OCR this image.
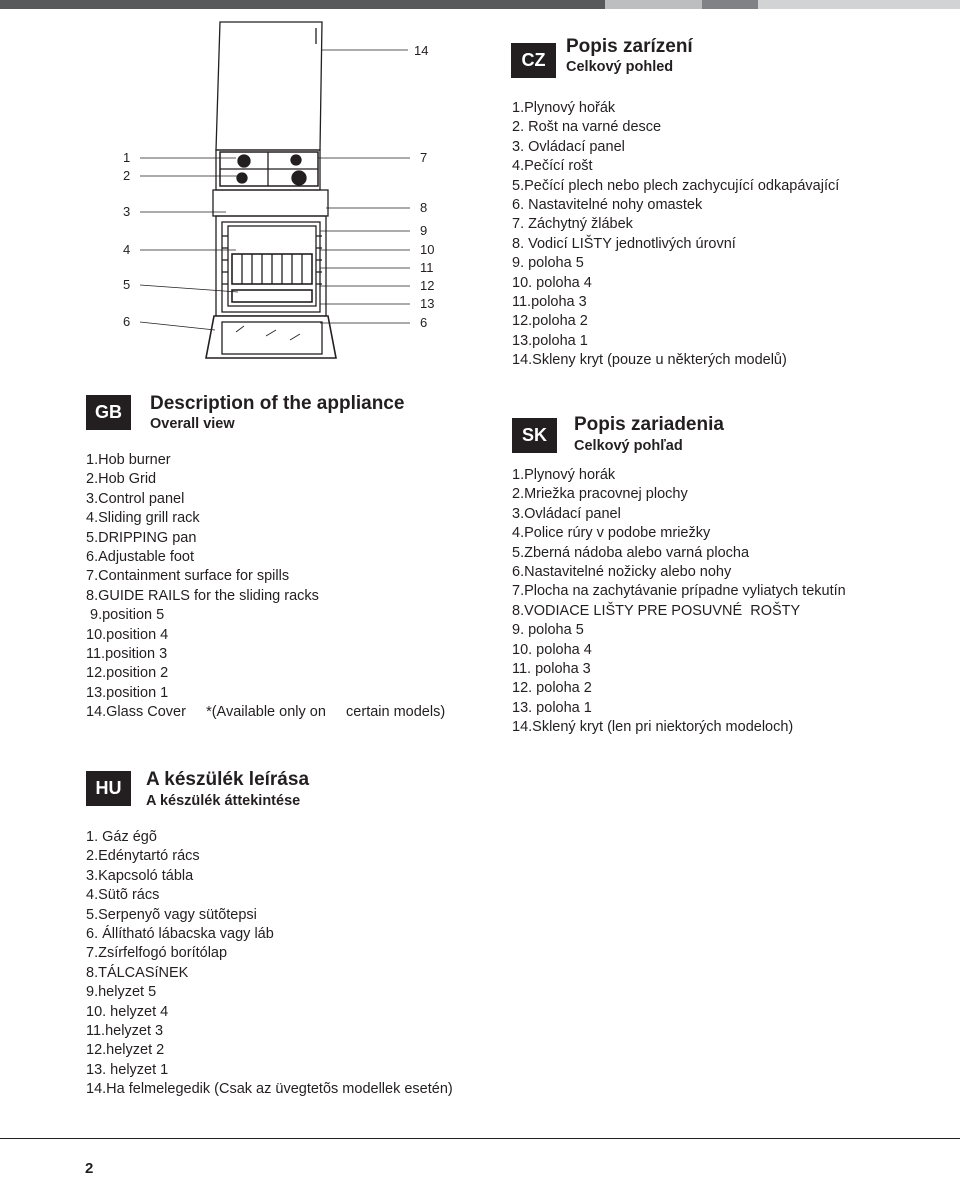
1
2
3
4
5
6
14
7
8
9
10
11
12
13
6
CZ
Popis zarízení
Celkový pohled
1.Plynový hořák
2. Rošt na varné desce
3. Ovládací panel
4.Pečící rošt
5.Pečící plech nebo plech zachycující odkapávající
6. Nastavitelné nohy omastek
7. Záchytný žlábek
8. Vodicí LIŠTY jednotlivých úrovní
9. poloha 5
10. poloha 4
11.poloha 3
12.poloha 2
13.poloha 1
14.Skleny kryt (pouze u některých modelů)
GB	Description of the appliance
Overall view
1.Hob burner
2.Hob Grid
3.Control panel
4.Sliding grill rack
5.DRIPPING pan
6.Adjustable foot
7.Containment surface for spills
8.GUIDE RAILS for the sliding racks
9.position 5
10.position 4
11.position 3
12.position 2
13.position 1
14.Glass Cover     *(Available only on     certain models)
SK	Popis zariadenia
Celkový pohľad
1.Plynový horák
2.Mriežka pracovnej plochy
3.Ovládací panel
4.Police rúry v podobe mriežky
5.Zberná nádoba alebo varná plocha
6.Nastavitelné nožicky alebo nohy
7.Plocha na zachytávanie prípadne vyliatych tekutín
8.VODIACE LIŠTY PRE POSUVNÉ  ROŠTY
9. poloha 5
10. poloha 4
11. poloha 3
12. poloha 2
13. poloha 1
14.Sklený kryt (len pri niektorých modeloch)
HU	A készülék leírása
A készülék áttekintése
1. Gáz égõ
2.Edénytartó rács
3.Kapcsoló tábla
4.Sütõ rács
5.Serpenyõ vagy sütõtepsi
6. Állítható lábacska vagy láb
7.Zsírfelfogó borítólap
8.TÁLCASíNEK
9.helyzet 5
10. helyzet 4
11.helyzet 3
12.helyzet 2
13. helyzet 1
14.Ha felmelegedik (Csak az üvegtetõs modellek esetén)
2
